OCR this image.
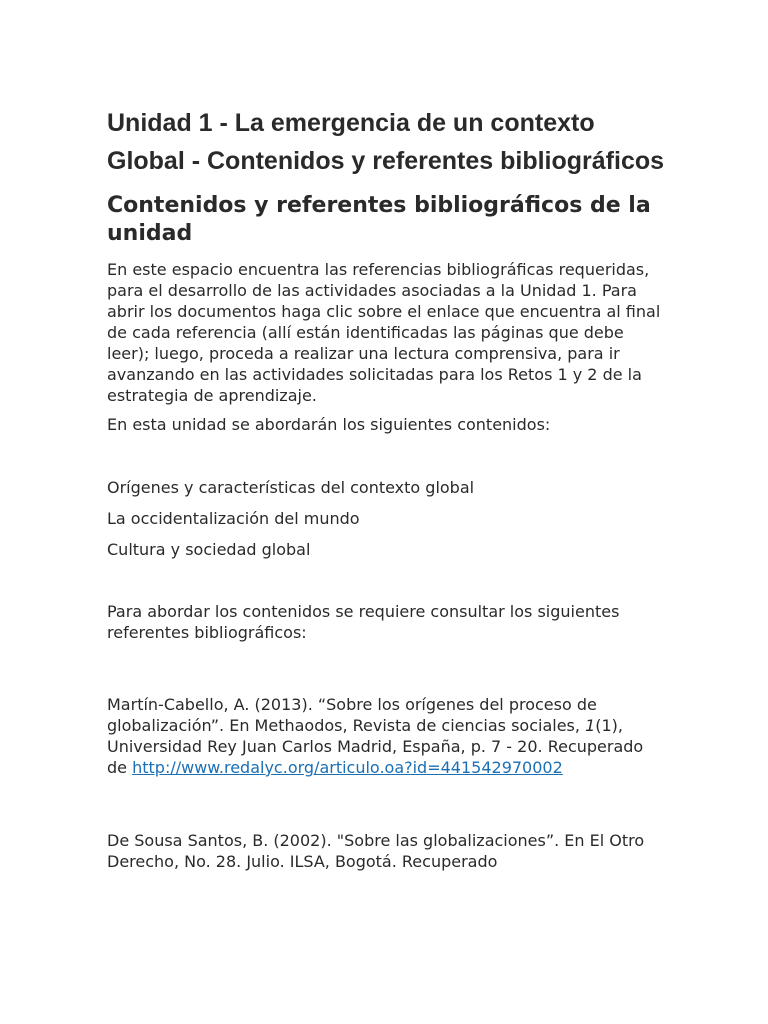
Unidad 1 - La emergencia de un contexto Global - Contenidos y referentes bibliográficos
Contenidos y referentes bibliográficos de la unidad

En este espacio encuentra las referencias bibliográficas requeridas, para el desarrollo de las actividades asociadas a la Unidad 1. Para abrir los documentos haga clic sobre el enlace que encuentra al final de cada referencia (allí están identificadas las páginas que debe leer); luego, proceda a realizar una lectura comprensiva, para ir avanzando en las actividades solicitadas para los Retos 1 y 2 de la estrategia de aprendizaje.

En esta unidad se abordarán los siguientes contenidos:

Orígenes y características del contexto global

La occidentalización del mundo

Cultura y sociedad global

Para abordar los contenidos se requiere consultar los siguientes referentes bibliográficos:

Martín-Cabello, A. (2013). “Sobre los orígenes del proceso de globalización”. En Methaodos, Revista de ciencias sociales, 1(1), Universidad Rey Juan Carlos Madrid, España, p. 7 - 20. Recuperado de http://www.redalyc.org/articulo.oa?id=441542970002

De Sousa Santos, B. (2002). "Sobre las globalizaciones”. En El Otro Derecho, No. 28. Julio. ILSA, Bogotá. Recuperado
